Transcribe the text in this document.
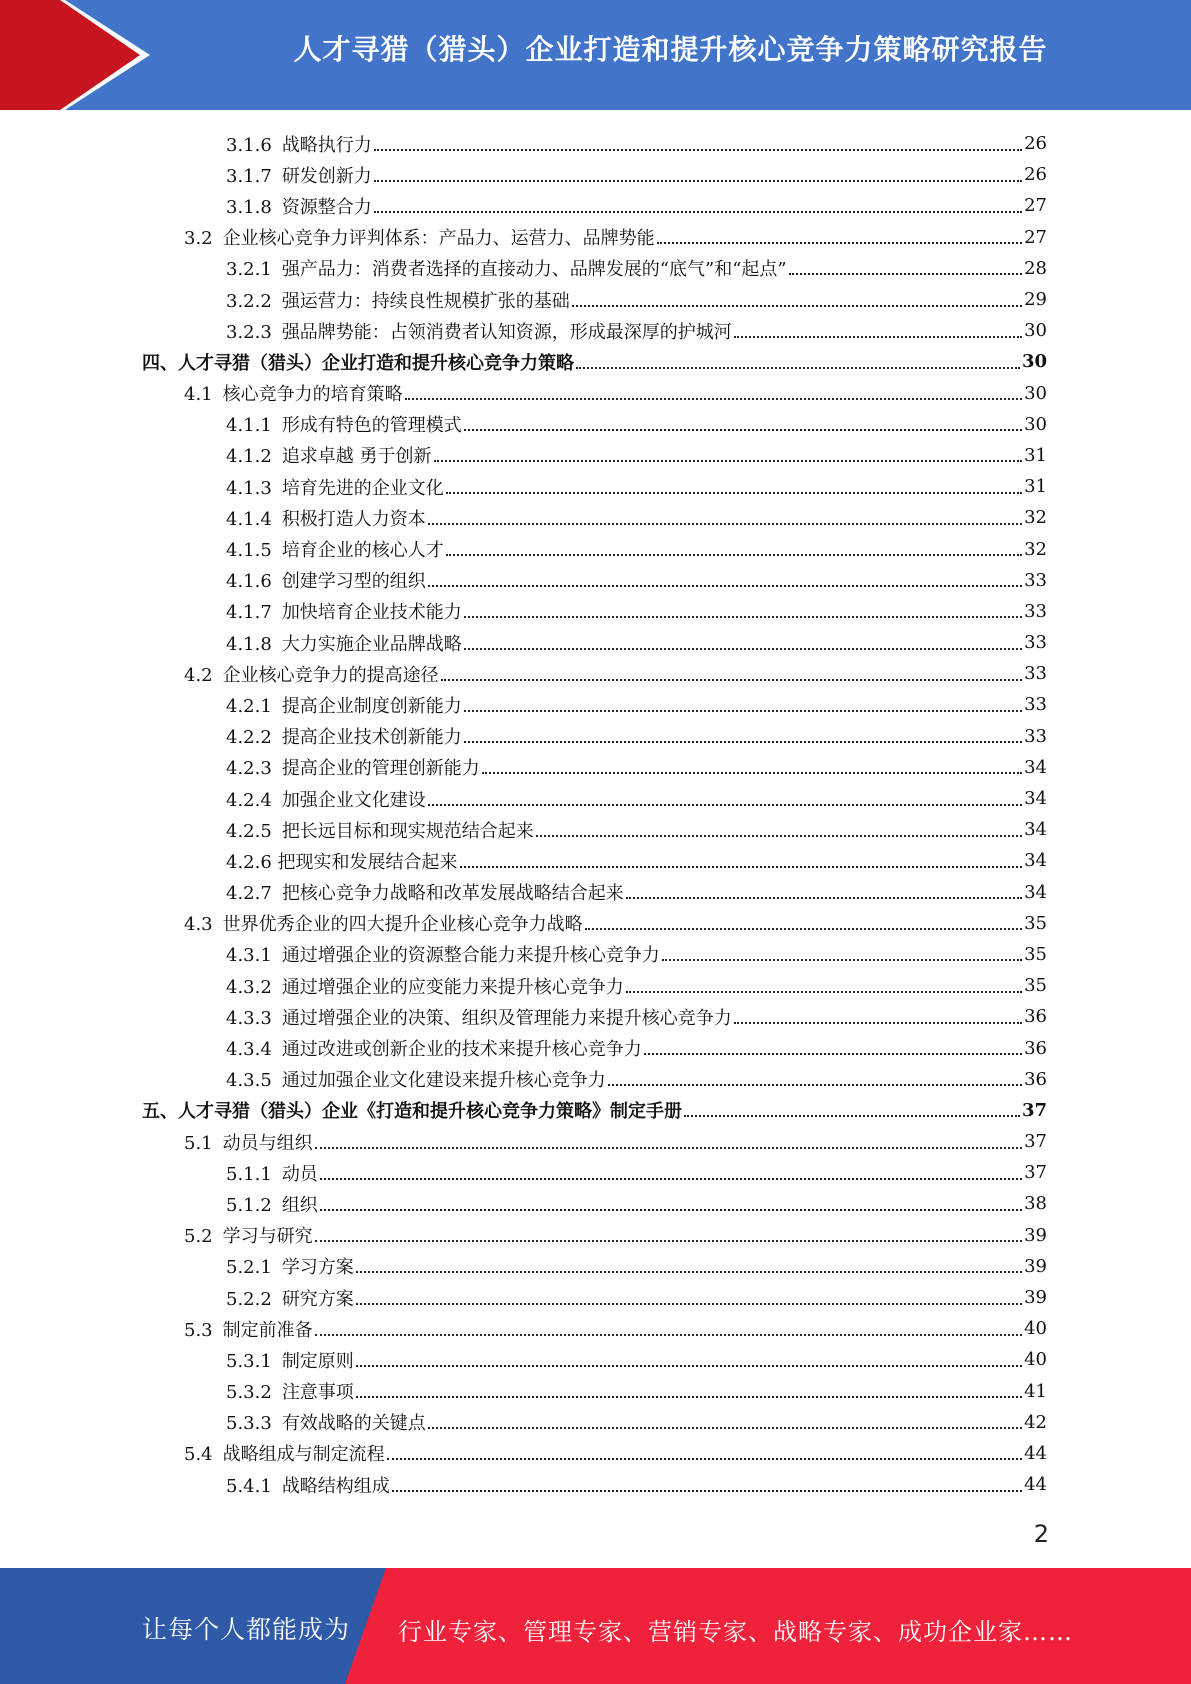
人才寻猎（猎头）企业打造和提升核心竞争力策略研究报告
3.1.6 战略执行力	26
3.1.7 研发创新力	26
3.1.8 资源整合力	27
3.2 企业核心竞争力评判体系：产品力、运营力、品牌势能	27
3.2.1 强产品力：消费者选择的直接动力、品牌发展的“底气”和“起点”	28
3.2.2 强运营力：持续良性规模扩张的基础	29
3.2.3 强品牌势能：占领消费者认知资源，形成最深厚的护城河	30
四、人才寻猎（猎头）企业打造和提升核心竞争力策略	30
4.1 核心竞争力的培育策略	30
4.1.1 形成有特色的管理模式	30
4.1.2 追求卓越 勇于创新	31
4.1.3 培育先进的企业文化	31
4.1.4 积极打造人力资本	32
4.1.5 培育企业的核心人才	32
4.1.6 创建学习型的组织	33
4.1.7 加快培育企业技术能力	33
4.1.8 大力实施企业品牌战略	33
4.2 企业核心竞争力的提高途径	33
4.2.1 提高企业制度创新能力	33
4.2.2 提高企业技术创新能力	33
4.2.3 提高企业的管理创新能力	34
4.2.4 加强企业文化建设	34
4.2.5 把长远目标和现实规范结合起来	34
4.2.6 把现实和发展结合起来	34
4.2.7 把核心竞争力战略和改革发展战略结合起来	34
4.3 世界优秀企业的四大提升企业核心竞争力战略	35
4.3.1 通过增强企业的资源整合能力来提升核心竞争力	35
4.3.2 通过增强企业的应变能力来提升核心竞争力	35
4.3.3 通过增强企业的决策、组织及管理能力来提升核心竞争力	36
4.3.4 通过改进或创新企业的技术来提升核心竞争力	36
4.3.5 通过加强企业文化建设来提升核心竞争力	36
五、人才寻猎（猎头）企业《打造和提升核心竞争力策略》制定手册	37
5.1 动员与组织	37
5.1.1 动员	37
5.1.2 组织	38
5.2 学习与研究	39
5.2.1 学习方案	39
5.2.2 研究方案	39
5.3 制定前准备	40
5.3.1 制定原则	40
5.3.2 注意事项	41
5.3.3 有效战略的关键点	42
5.4 战略组成与制定流程	44
5.4.1 战略结构组成	44
2
让每个人都能成为 行业专家、管理专家、营销专家、战略专家、成功企业家……
